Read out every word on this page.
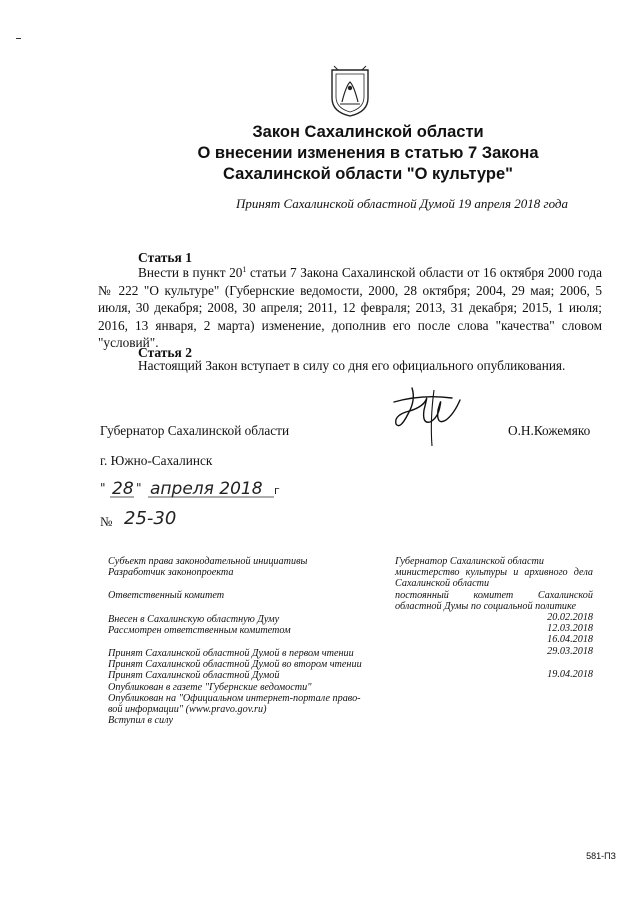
Закон Сахалинской области
О внесении изменения в статью 7 Закона
Сахалинской области "О культуре"
Принят Сахалинской областной Думой 19 апреля 2018 года
Статья 1

Внести в пункт $20^1$ статьи 7 Закона Сахалинской области от 16 октября 2000 года № 222 "О культуре" (Губернские ведомости, 2000, 28 октября; 2004, 29 мая; 2006, 5 июля, 30 декабря; 2008, 30 апреля; 2011, 12 февраля; 2013, 31 декабря; 2015, 1 июля; 2016, 13 января, 2 марта) изменение, дополнив его после слова "качества" словом "условий".

Статья 2
Настоящий Закон вступает в силу со дня его официального опубликования.
Губернатор Сахалинской области	О.Н.Кожемяко
г. Южно-Сахалинск
" 28 " апреля 2018 г
№ 25-30
Субъект права законодательной инициативы
Разработчик законопроекта
Ответственный комитет
Внесен в Сахалинскую областную Думу
Рассмотрен ответственным комитетом
Принят Сахалинской областной Думой в первом чтении
Принят Сахалинской областной Думой во втором чтении
Принят Сахалинской областной Думой
Опубликован в газете "Губернские ведомости"
Опубликован на "Официальном интернет-портале право-
вой информации" (www.pravo.gov.ru)
Вступил в силу
Губернатор Сахалинской области
министерство культуры и архивного дела Сахалинской области
постоянный комитет Сахалинской областной Думы по социальной политике
20.02.2018
12.03.2018
16.04.2018
29.03.2018
19.04.2018
581-ПЗ
